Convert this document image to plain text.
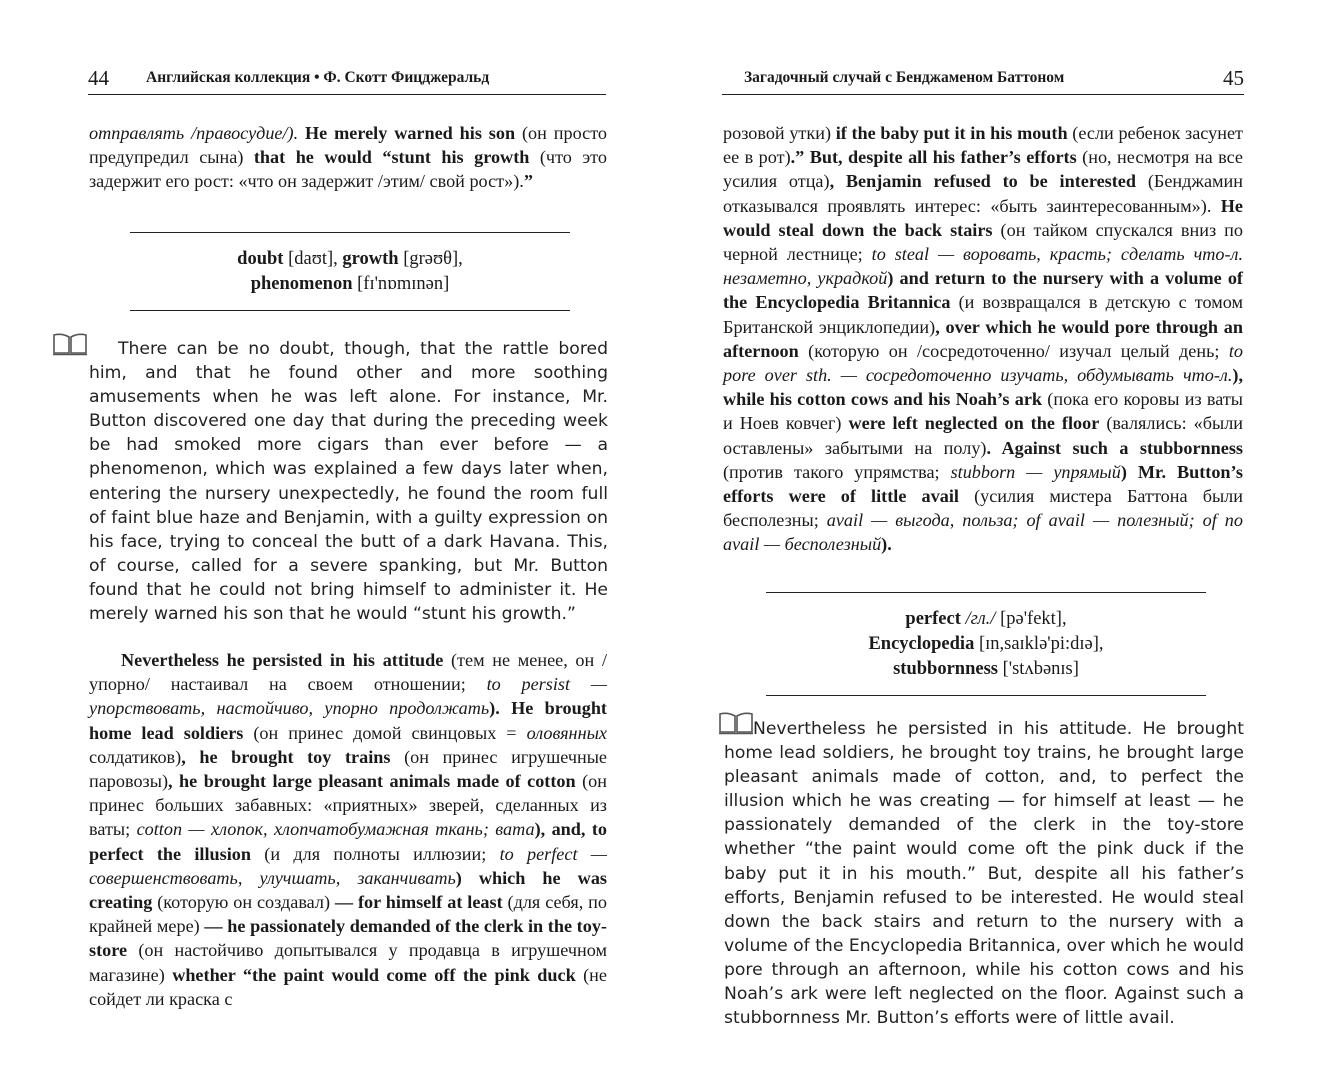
44 Английская коллекция • Ф. Скотт Фицджеральд
отправлять /правосудие/). He merely warned his son (он просто предупредил сына) that he would “stunt his growth (что это задержит его рост: «что он задержит /этим/ свой рост»).”
doubt [daʊt], growth [grəʊθ],
phenomenon [fɪ'nɒmɪnən]
There can be no doubt, though, that the rattle bored him, and that he found other and more soothing amusements when he was left alone. For instance, Mr. Button discovered one day that during the preceding week be had smoked more cigars than ever before — a phenomenon, which was explained a few days later when, entering the nursery unexpectedly, he found the room full of faint blue haze and Benjamin, with a guilty expression on his face, trying to conceal the butt of a dark Havana. This, of course, called for a severe spanking, but Mr. Button found that he could not bring himself to administer it. He merely warned his son that he would “stunt his growth.”
Nevertheless he persisted in his attitude (тем не менее, он /упорно/ настаивал на своем отношении; to persist — упорствовать, настойчиво, упорно продолжать). He brought home lead soldiers (он принес домой свинцовых = оловянных солдатиков), he brought toy trains (он принес игрушечные паровозы), he brought large pleasant animals made of cotton (он принес больших забавных: «приятных» зверей, сделанных из ваты; cotton — хлопок, хлопчатобумажная ткань; вата), and, to perfect the illusion (и для полноты иллюзии; to perfect — совершенствовать, улучшать, заканчивать) which he was creating (которую он создавал) — for himself at least (для себя, по крайней мере) — he passionately demanded of the clerk in the toy-store (он настойчиво допытывался у продавца в игрушечном магазине) whether “the paint would come off the pink duck (не сойдет ли краска с
Загадочный случай с Бенджаменом Баттоном	45
розовой утки) if the baby put it in his mouth (если ребенок засунет ее в рот).” But, despite all his father’s efforts (но, несмотря на все усилия отца), Benjamin refused to be interested (Бенджамин отказывался проявлять интерес: «быть заинтересованным»). He would steal down the back stairs (он тайком спускался вниз по черной лестнице; to steal — воровать, красть; сделать что-л. незаметно, украдкой) and return to the nursery with a volume of the Encyclopedia Britannica (и возвращался в детскую с томом Британской энциклопедии), over which he would pore through an afternoon (которую он /сосредоточенно/ изучал целый день; to pore over sth. — сосредоточенно изучать, обдумывать что-л.), while his cotton cows and his Noah’s ark (пока его коровы из ваты и Ноев ковчег) were left neglected on the floor (валялись: «были оставлены» забытыми на полу). Against such a stubbornness (против такого упрямства; stubborn — упрямый) Mr. Button’s efforts were of little avail (усилия мистера Баттона были бесполезны; avail — выгода, польза; of avail — полезный; of no avail — бесполезный).
perfect /гл./ [pə'fekt],
Encyclopedia [ɪn,saɪklə'pi:dɪə],
stubbornness ['stʌbənɪs]
Nevertheless he persisted in his attitude. He brought home lead soldiers, he brought toy trains, he brought large pleasant animals made of cotton, and, to perfect the illusion which he was creating — for himself at least — he passionately demanded of the clerk in the toy-store whether “the paint would come oft the pink duck if the baby put it in his mouth.” But, despite all his father’s efforts, Benjamin refused to be interested. He would steal down the back stairs and return to the nursery with a volume of the Encyclopedia Britannica, over which he would pore through an afternoon, while his cotton cows and his Noah’s ark were left neglected on the floor. Against such a stubbornness Mr. Button’s efforts were of little avail.
